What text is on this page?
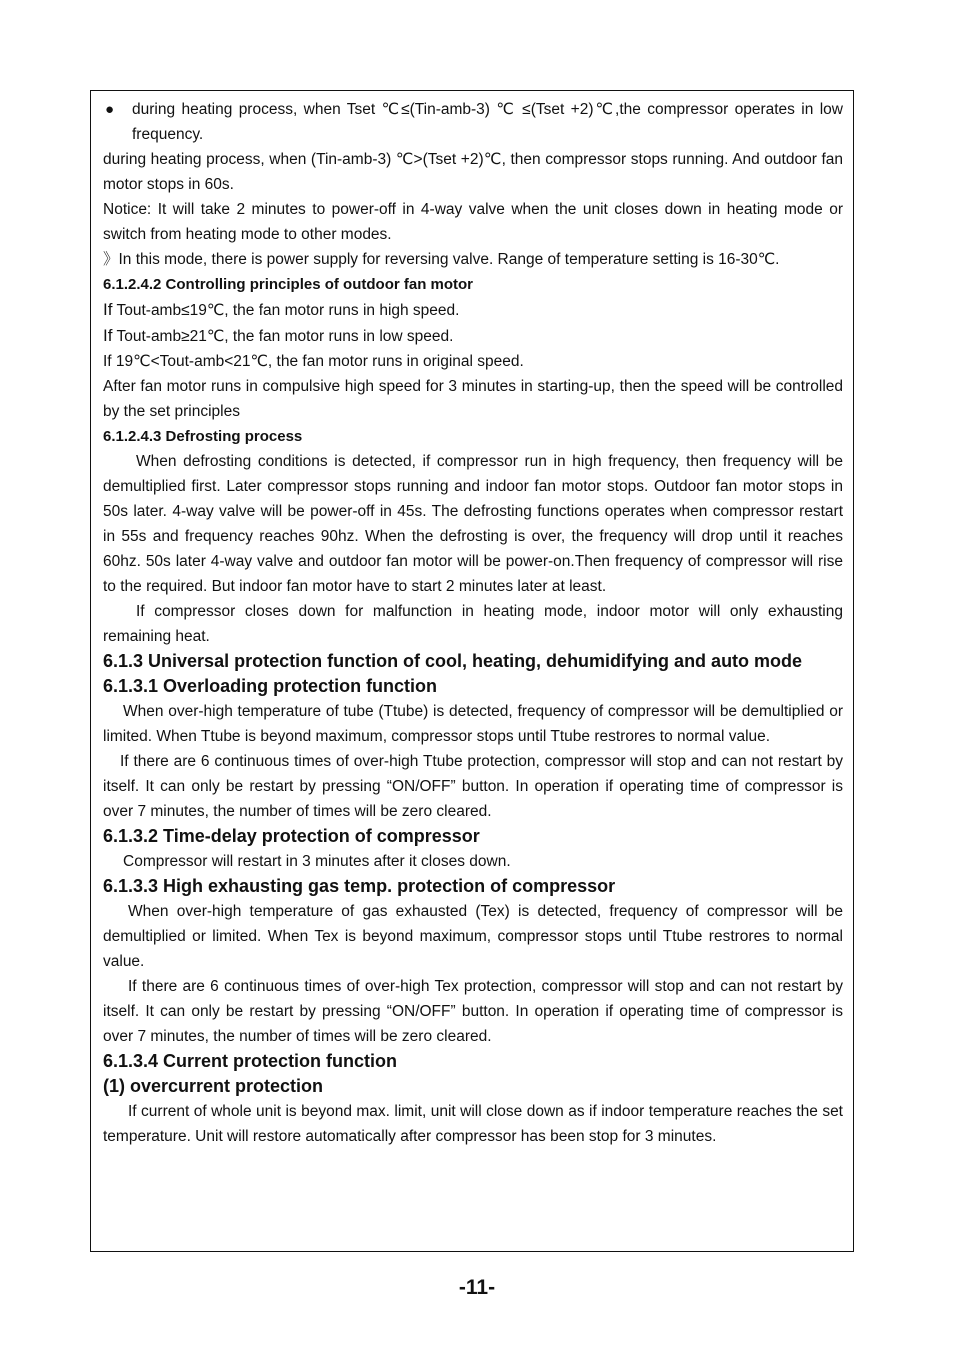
● during heating process, when Tset ℃≤(Tin-amb-3) ℃ ≤(Tset +2)℃,the compressor operates in low frequency.

during heating process, when (Tin-amb-3) ℃>(Tset +2)℃, then compressor stops running. And outdoor fan motor stops in 60s.

Notice: It will take 2 minutes to power-off in 4-way valve when the unit closes down in heating mode or switch from heating mode to other modes.

》In this mode, there is power supply for reversing valve. Range of temperature setting is 16-30℃.

6.1.2.4.2 Controlling principles of outdoor fan motor

If Tout-amb≤19℃, the fan motor runs in high speed.

If Tout-amb≥21℃, the fan motor runs in low speed.

If 19℃<Tout-amb<21℃, the fan motor runs in original speed.

After fan motor runs in compulsive high speed for 3 minutes in starting-up, then the speed will be controlled by the set principles

6.1.2.4.3 Defrosting process

When defrosting conditions is detected, if compressor run in high frequency, then frequency will be demultiplied first. Later compressor stops running and indoor fan motor stops. Outdoor fan motor stops in 50s later. 4-way valve will be power-off in 45s. The defrosting functions operates when compressor restart in 55s and frequency reaches 90hz. When the defrosting is over, the frequency will drop until it reaches 60hz. 50s later 4-way valve and outdoor fan motor will be power-on.Then frequency of compressor will rise to the required. But indoor fan motor have to start 2 minutes later at least.

If compressor closes down for malfunction in heating mode, indoor motor will only exhausting remaining heat.

6.1.3 Universal protection function of cool, heating, dehumidifying and auto mode

6.1.3.1 Overloading protection function

When over-high temperature of tube (Ttube) is detected, frequency of compressor will be demultiplied or limited. When Ttube is beyond maximum, compressor stops until Ttube restrores to normal value.

If there are 6 continuous times of over-high Ttube protection, compressor will stop and can not restart by itself. It can only be restart by pressing “ON/OFF” button. In operation if operating time of compressor is over 7 minutes, the number of times will be zero cleared.

6.1.3.2 Time-delay protection of compressor

Compressor will restart in 3 minutes after it closes down.

6.1.3.3 High exhausting gas temp. protection of compressor

When over-high temperature of gas exhausted (Tex) is detected, frequency of compressor will be demultiplied or limited. When Tex is beyond maximum, compressor stops until Ttube restrores to normal value.

If there are 6 continuous times of over-high Tex protection, compressor will stop and can not restart by itself. It can only be restart by pressing “ON/OFF” button. In operation if operating time of compressor is over 7 minutes, the number of times will be zero cleared.

6.1.3.4 Current protection function

(1) overcurrent protection

If current of whole unit is beyond max. limit, unit will close down as if indoor temperature reaches the set temperature. Unit will restore automatically after compressor has been stop for 3 minutes.

-11-
